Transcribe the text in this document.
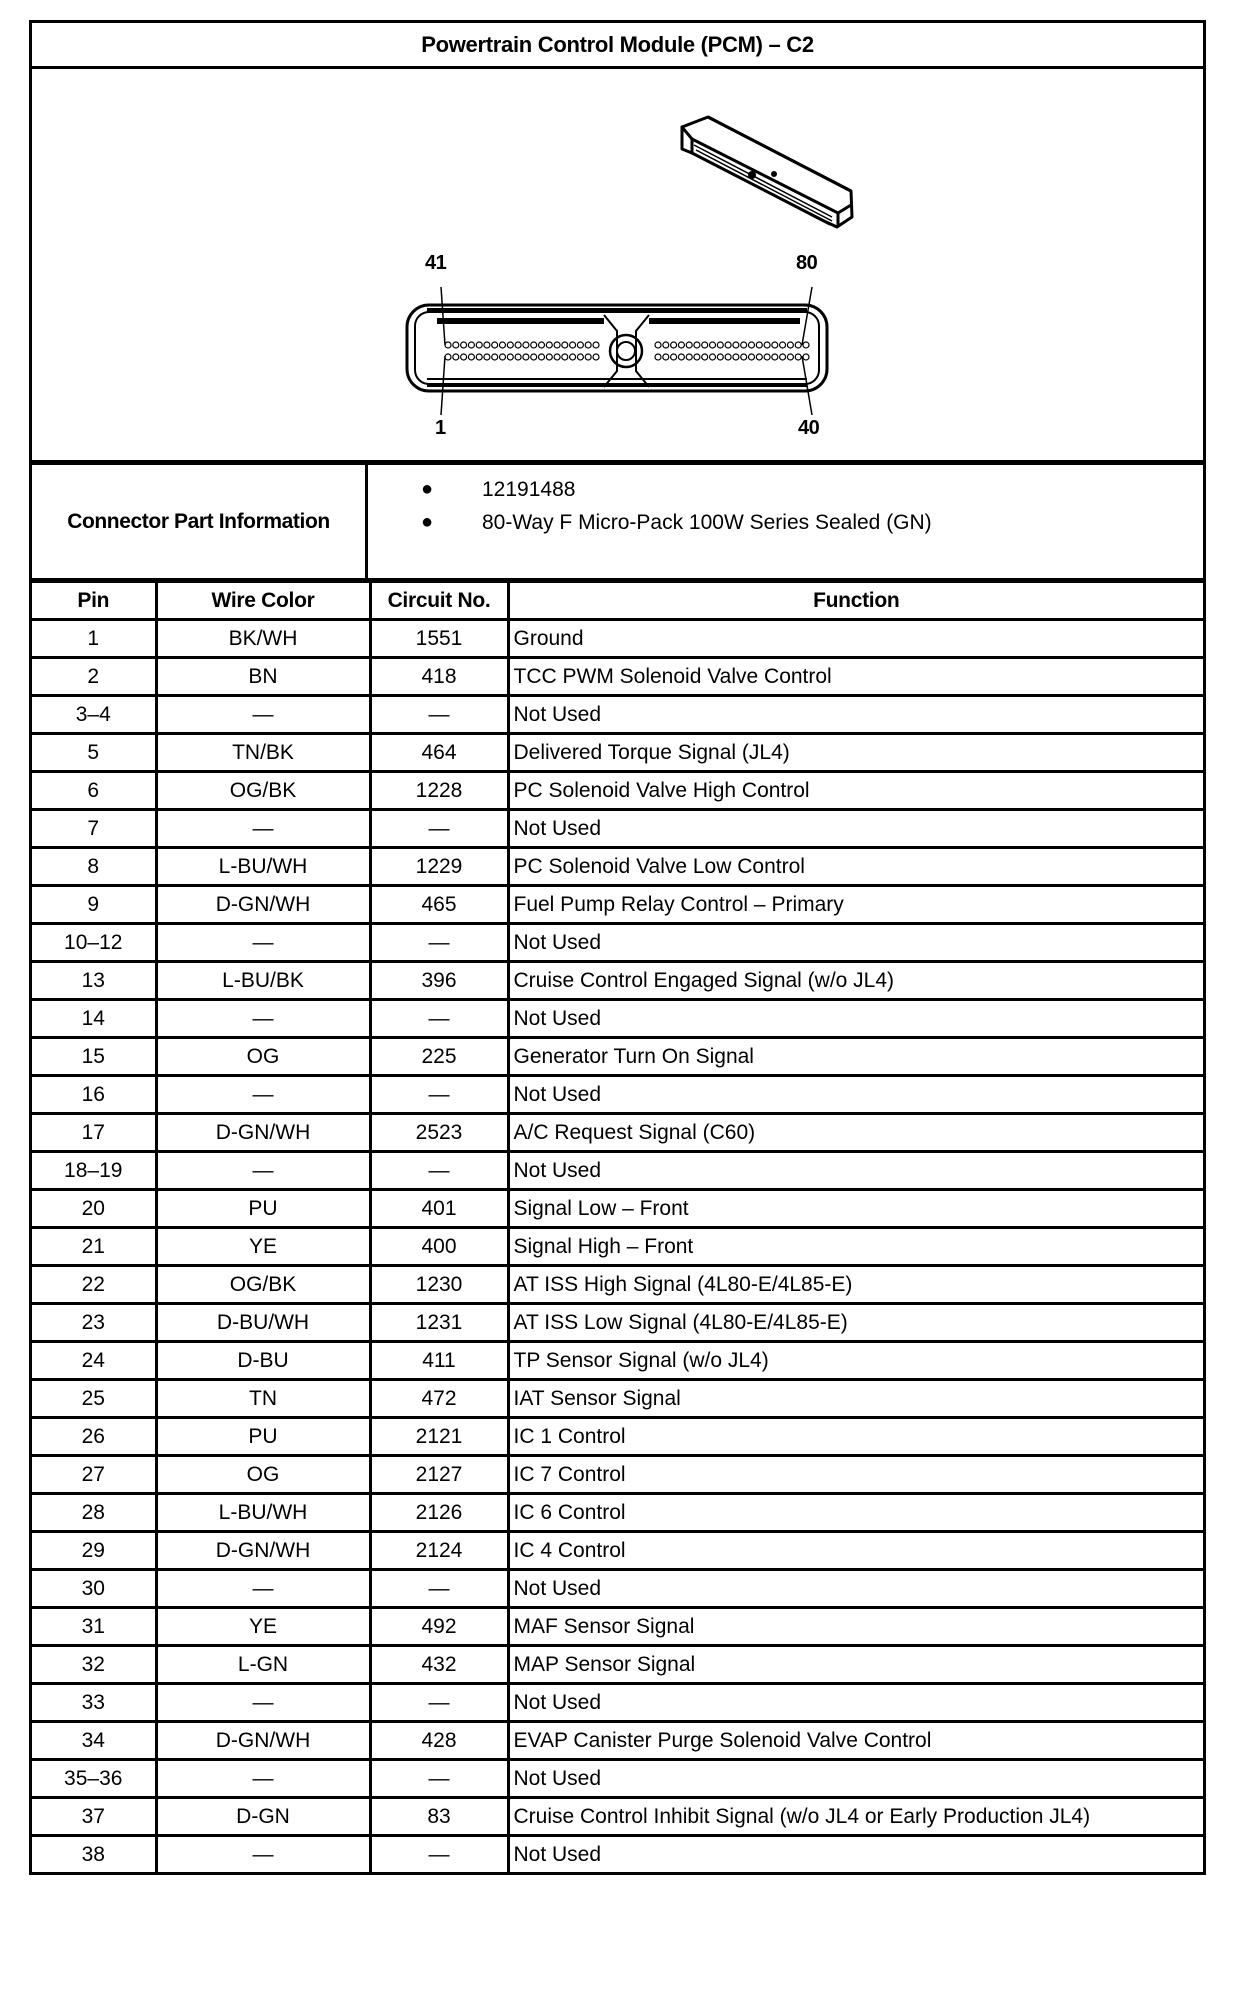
Powertrain Control Module (PCM) – C2
41	80
1	40
Connector Part Information
● 12191488
● 80-Way F Micro-Pack 100W Series Sealed (GN)
Pin	Wire Color	Circuit No.	Function
1	BK/WH	1551	Ground
2	BN	418	TCC PWM Solenoid Valve Control
3–4	—	—	Not Used
5	TN/BK	464	Delivered Torque Signal (JL4)
6	OG/BK	1228	PC Solenoid Valve High Control
7	—	—	Not Used
8	L-BU/WH	1229	PC Solenoid Valve Low Control
9	D-GN/WH	465	Fuel Pump Relay Control – Primary
10–12	—	—	Not Used
13	L-BU/BK	396	Cruise Control Engaged Signal (w/o JL4)
14	—	—	Not Used
15	OG	225	Generator Turn On Signal
16	—	—	Not Used
17	D-GN/WH	2523	A/C Request Signal (C60)
18–19	—	—	Not Used
20	PU	401	Signal Low – Front
21	YE	400	Signal High – Front
22	OG/BK	1230	AT ISS High Signal (4L80-E/4L85-E)
23	D-BU/WH	1231	AT ISS Low Signal (4L80-E/4L85-E)
24	D-BU	411	TP Sensor Signal (w/o JL4)
25	TN	472	IAT Sensor Signal
26	PU	2121	IC 1 Control
27	OG	2127	IC 7 Control
28	L-BU/WH	2126	IC 6 Control
29	D-GN/WH	2124	IC 4 Control
30	—	—	Not Used
31	YE	492	MAF Sensor Signal
32	L-GN	432	MAP Sensor Signal
33	—	—	Not Used
34	D-GN/WH	428	EVAP Canister Purge Solenoid Valve Control
35–36	—	—	Not Used
37	D-GN	83	Cruise Control Inhibit Signal (w/o JL4 or Early Production JL4)
38	—	—	Not Used
